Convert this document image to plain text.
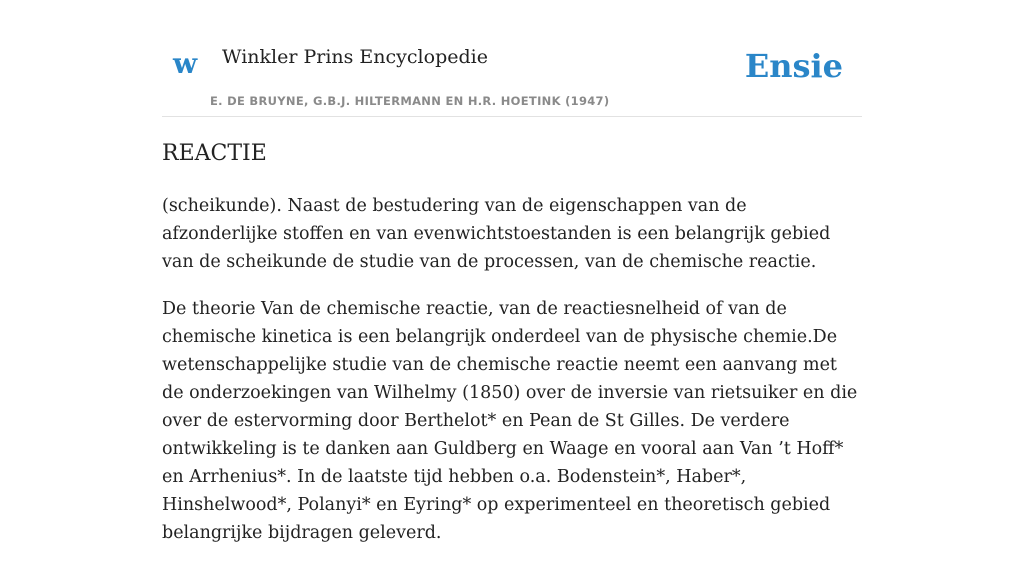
w Winkler Prins Encyclopedie
E. DE BRUYNE, G.B.J. HILTERMANN EN H.R. HOETINK (1947)
Ensie
REACTIE

(scheikunde). Naast de bestudering van de eigenschappen van de afzonderlijke stoffen en van evenwichtstoestanden is een belangrijk gebied van de scheikunde de studie van de processen, van de chemische reactie.

De theorie Van de chemische reactie, van de reactiesnelheid of van de chemische kinetica is een belangrijk onderdeel van de physische chemie.De wetenschappelijke studie van de chemische reactie neemt een aanvang met de onderzoekingen van Wilhelmy (1850) over de inversie van rietsuiker en die over de estervorming door Berthelot* en Pean de St Gilles. De verdere ontwikkeling is te danken aan Guldberg en Waage en vooral aan Van ’t Hoff* en Arrhenius*. In de laatste tijd hebben o.a. Bodenstein*, Haber*, Hinshelwood*, Polanyi* en Eyring* op experimenteel en theoretisch gebied belangrijke bijdragen geleverd.
